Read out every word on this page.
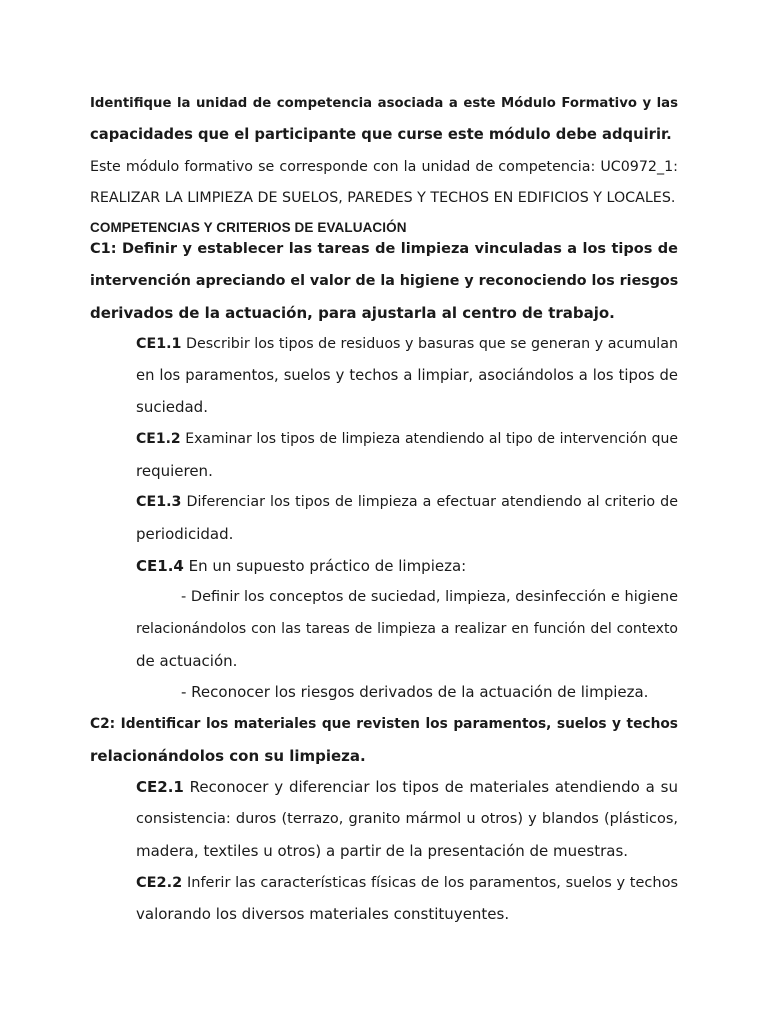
Identifique la unidad de competencia asociada a este Módulo Formativo y las
capacidades que el participante que curse este módulo debe adquirir.
Este módulo formativo se corresponde con la unidad de competencia: UC0972_1:
REALIZAR LA LIMPIEZA DE SUELOS, PAREDES Y TECHOS EN EDIFICIOS Y LOCALES.
COMPETENCIAS Y CRITERIOS DE EVALUACIÓN
C1: Definir y establecer las tareas de limpieza vinculadas a los tipos de
intervención apreciando el valor de la higiene y reconociendo los riesgos
derivados de la actuación, para ajustarla al centro de trabajo.
CE1.1 Describir los tipos de residuos y basuras que se generan y acumulan
en los paramentos, suelos y techos a limpiar, asociándolos a los tipos de
suciedad.
CE1.2 Examinar los tipos de limpieza atendiendo al tipo de intervención que
requieren.
CE1.3 Diferenciar los tipos de limpieza a efectuar atendiendo al criterio de
periodicidad.
CE1.4 En un supuesto práctico de limpieza:
- Definir los conceptos de suciedad, limpieza, desinfección e higiene
relacionándolos con las tareas de limpieza a realizar en función del contexto
de actuación.
- Reconocer los riesgos derivados de la actuación de limpieza.
C2: Identificar los materiales que revisten los paramentos, suelos y techos
relacionándolos con su limpieza.
CE2.1 Reconocer y diferenciar los tipos de materiales atendiendo a su
consistencia: duros (terrazo, granito mármol u otros) y blandos (plásticos,
madera, textiles u otros) a partir de la presentación de muestras.
CE2.2 Inferir las características físicas de los paramentos, suelos y techos
valorando los diversos materiales constituyentes.
